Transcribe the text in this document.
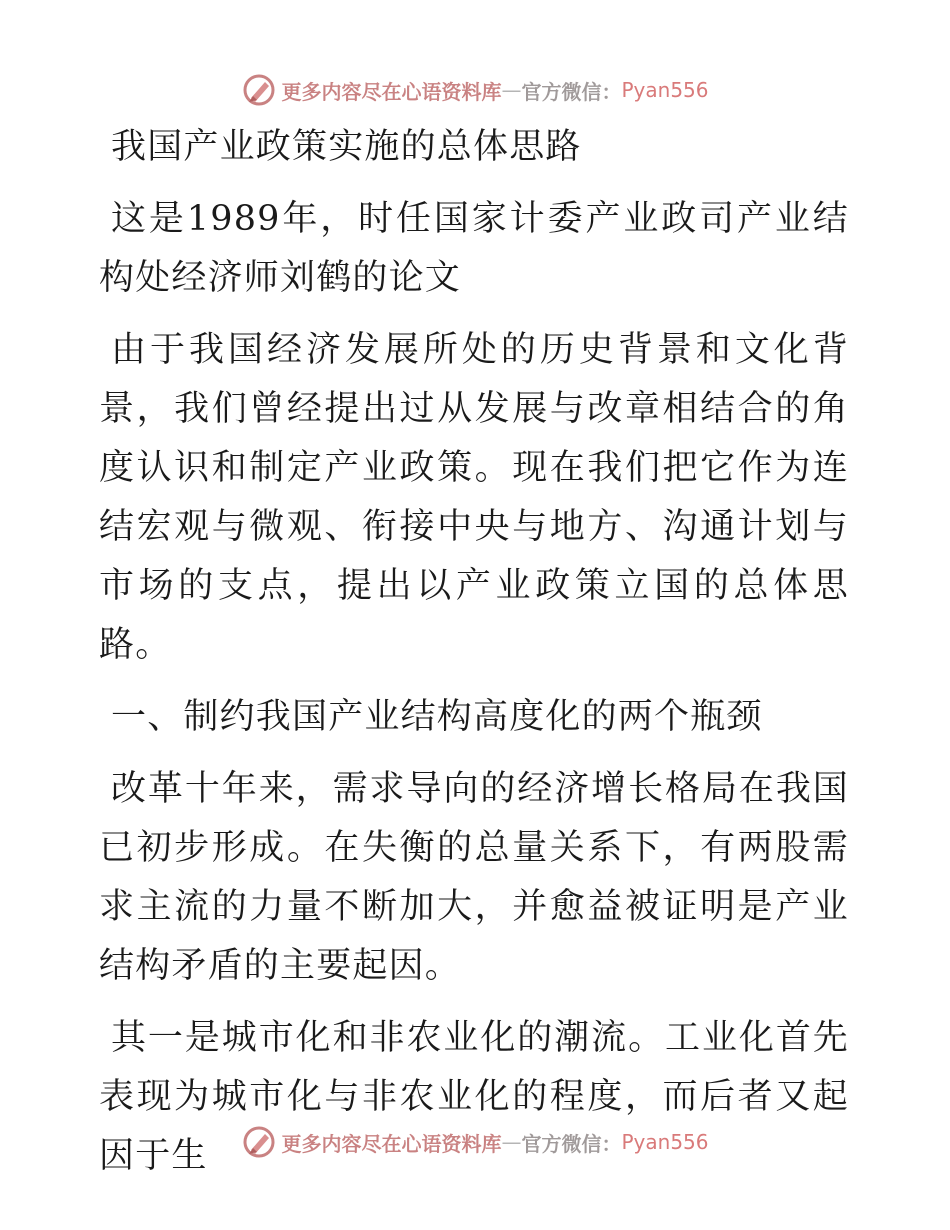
更多内容尽在心语资料库 — 官方微信： Pyan556

我国产业政策实施的总体思路

这是1989年，时任国家计委产业政司产业结构处经济师刘鹤的论文

由于我国经济发展所处的历史背景和文化背景，我们曾经提出过从发展与改章相结合的角度认识和制定产业政策。现在我们把它作为连结宏观与微观、衔接中央与地方、沟通计划与市场的支点，提出以产业政策立国的总体思路。

一、制约我国产业结构高度化的两个瓶颈

改革十年来，需求导向的经济增长格局在我国已初步形成。在失衡的总量关系下，有两股需求主流的力量不断加大，并愈益被证明是产业结构矛盾的主要起因。

其一是城市化和非农业化的潮流。工业化首先表现为城市化与非农业化的程度，而后者又起因于生	更多内容尽在心语资料库 — 官方微信： Pyan556
